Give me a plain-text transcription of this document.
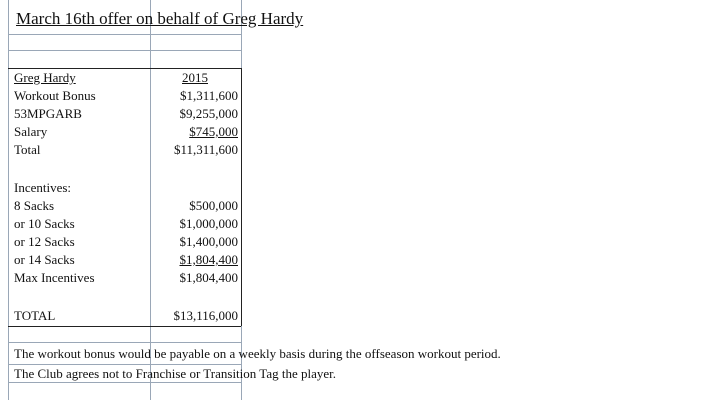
March 16th offer on behalf of Greg Hardy
Greg Hardy	2015
Workout Bonus	$1,311,600
53MPGARB	$9,255,000
Salary	$745,000
Total	$11,311,600
Incentives:
8 Sacks	$500,000
or 10 Sacks	$1,000,000
or 12 Sacks	$1,400,000
or 14 Sacks	$1,804,400
Max Incentives	$1,804,400
TOTAL	$13,116,000
The workout bonus would be payable on a weekly basis during the offseason workout period.
The Club agrees not to Franchise or Transition Tag the player.
